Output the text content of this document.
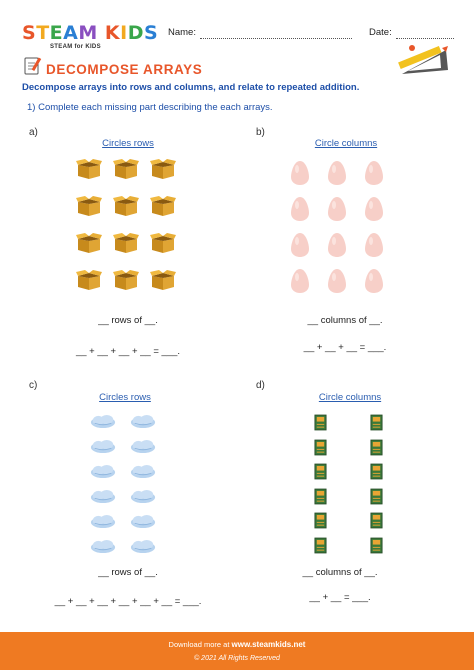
STEAM KIDS
STEAM for KIDS
Name:	Date:
DECOMPOSE ARRAYS
Decompose arrays into rows and columns, and relate to repeated addition.
1) Complete each missing part describing the each arrays.
a)
Circles rows
__ rows of __.
__ + __ + __ + __ = ___.
b)
Circle columns
__ columns of __.
__ + __ + __ = ___.
c)
Circles rows
__ rows of __.
__ + __ + __ + __ + __ + __ = ___.
d)
Circle columns
__ columns of __.
__ + __ = ___.
Download more at www.steamkids.net
© 2021 All Rights Reserved
